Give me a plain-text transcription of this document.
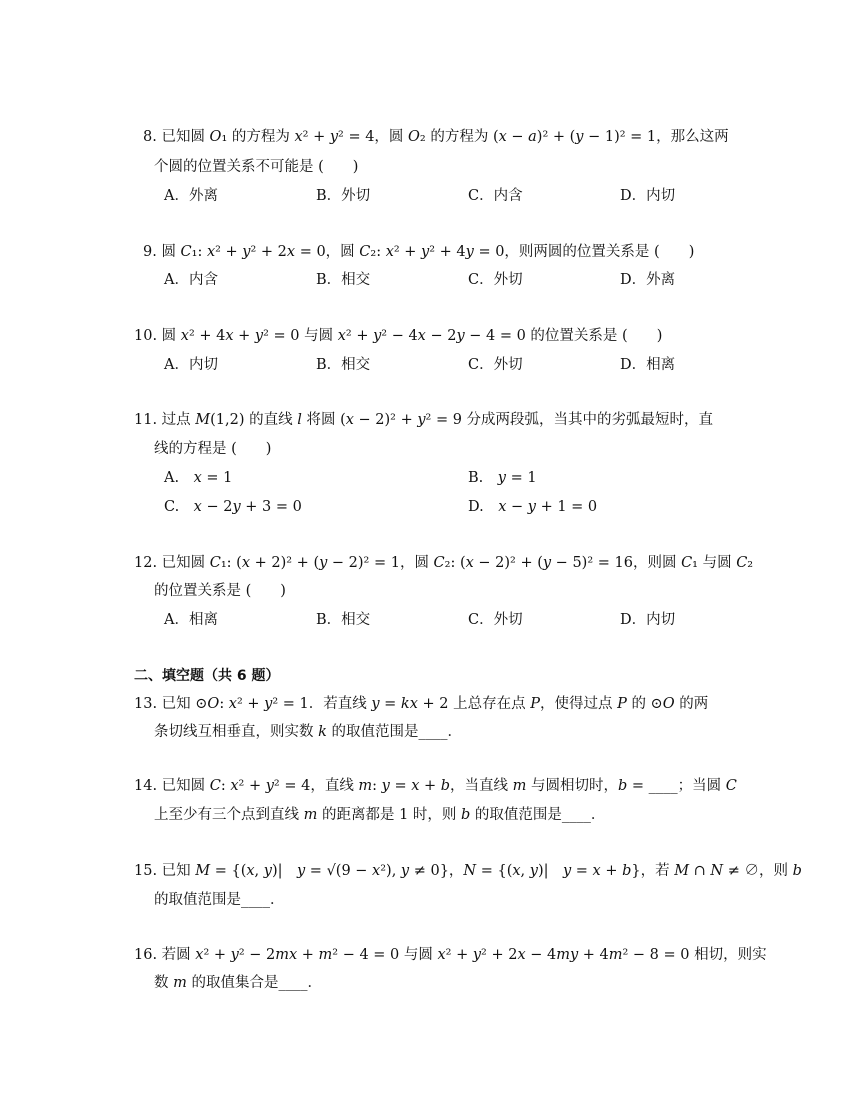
8. 已知圆 𝑂₁ 的方程为 𝑥² + 𝑦² = 4，圆 𝑂₂ 的方程为 (𝑥 − 𝑎)² + (𝑦 − 1)² = 1，那么这两
个圆的位置关系不可能是 (　　)
A．外离	B．外切	C．内含	D．内切
9. 圆 𝐶₁: 𝑥² + 𝑦² + 2𝑥 = 0，圆 𝐶₂: 𝑥² + 𝑦² + 4𝑦 = 0，则两圆的位置关系是 (　　)
A．内含	B．相交	C．外切	D．外离
10. 圆 𝑥² + 4𝑥 + 𝑦² = 0 与圆 𝑥² + 𝑦² − 4𝑥 − 2𝑦 − 4 = 0 的位置关系是 (　　)
A．内切	B．相交	C．外切	D．相离
11. 过点 𝑀(1,2) 的直线 𝑙 将圆 (𝑥 − 2)² + 𝑦² = 9 分成两段弧，当其中的劣弧最短时，直
线的方程是 (　　)
A.　𝑥 = 1	B.　𝑦 = 1
C.　𝑥 − 2𝑦 + 3 = 0	D.　𝑥 − 𝑦 + 1 = 0
12. 已知圆 𝐶₁: (𝑥 + 2)² + (𝑦 − 2)² = 1，圆 𝐶₂: (𝑥 − 2)² + (𝑦 − 5)² = 16，则圆 𝐶₁ 与圆 𝐶₂
的位置关系是 (　　)
A．相离	B．相交	C．外切	D．内切
二、填空题（共 6 题）
13. 已知 ⊙𝑂: 𝑥² + 𝑦² = 1．若直线 𝑦 = 𝑘𝑥 + 2 上总存在点 𝑃，使得过点 𝑃 的 ⊙𝑂 的两
条切线互相垂直，则实数 𝑘 的取值范围是____．
14. 已知圆 𝐶: 𝑥² + 𝑦² = 4，直线 𝑚: 𝑦 = 𝑥 + 𝑏，当直线 𝑚 与圆相切时，𝑏 = ____；当圆 𝐶
上至少有三个点到直线 𝑚 的距离都是 1 时，则 𝑏 的取值范围是____．
15. 已知 𝑀 = {(𝑥, 𝑦)|　𝑦 = √(9 − 𝑥²), 𝑦 ≠ 0}，𝑁 = {(𝑥, 𝑦)|　𝑦 = 𝑥 + 𝑏}，若 𝑀 ∩ 𝑁 ≠ ∅，则 𝑏
的取值范围是____．
16. 若圆 𝑥² + 𝑦² − 2𝑚𝑥 + 𝑚² − 4 = 0 与圆 𝑥² + 𝑦² + 2𝑥 − 4𝑚𝑦 + 4𝑚² − 8 = 0 相切，则实
数 𝑚 的取值集合是____．
